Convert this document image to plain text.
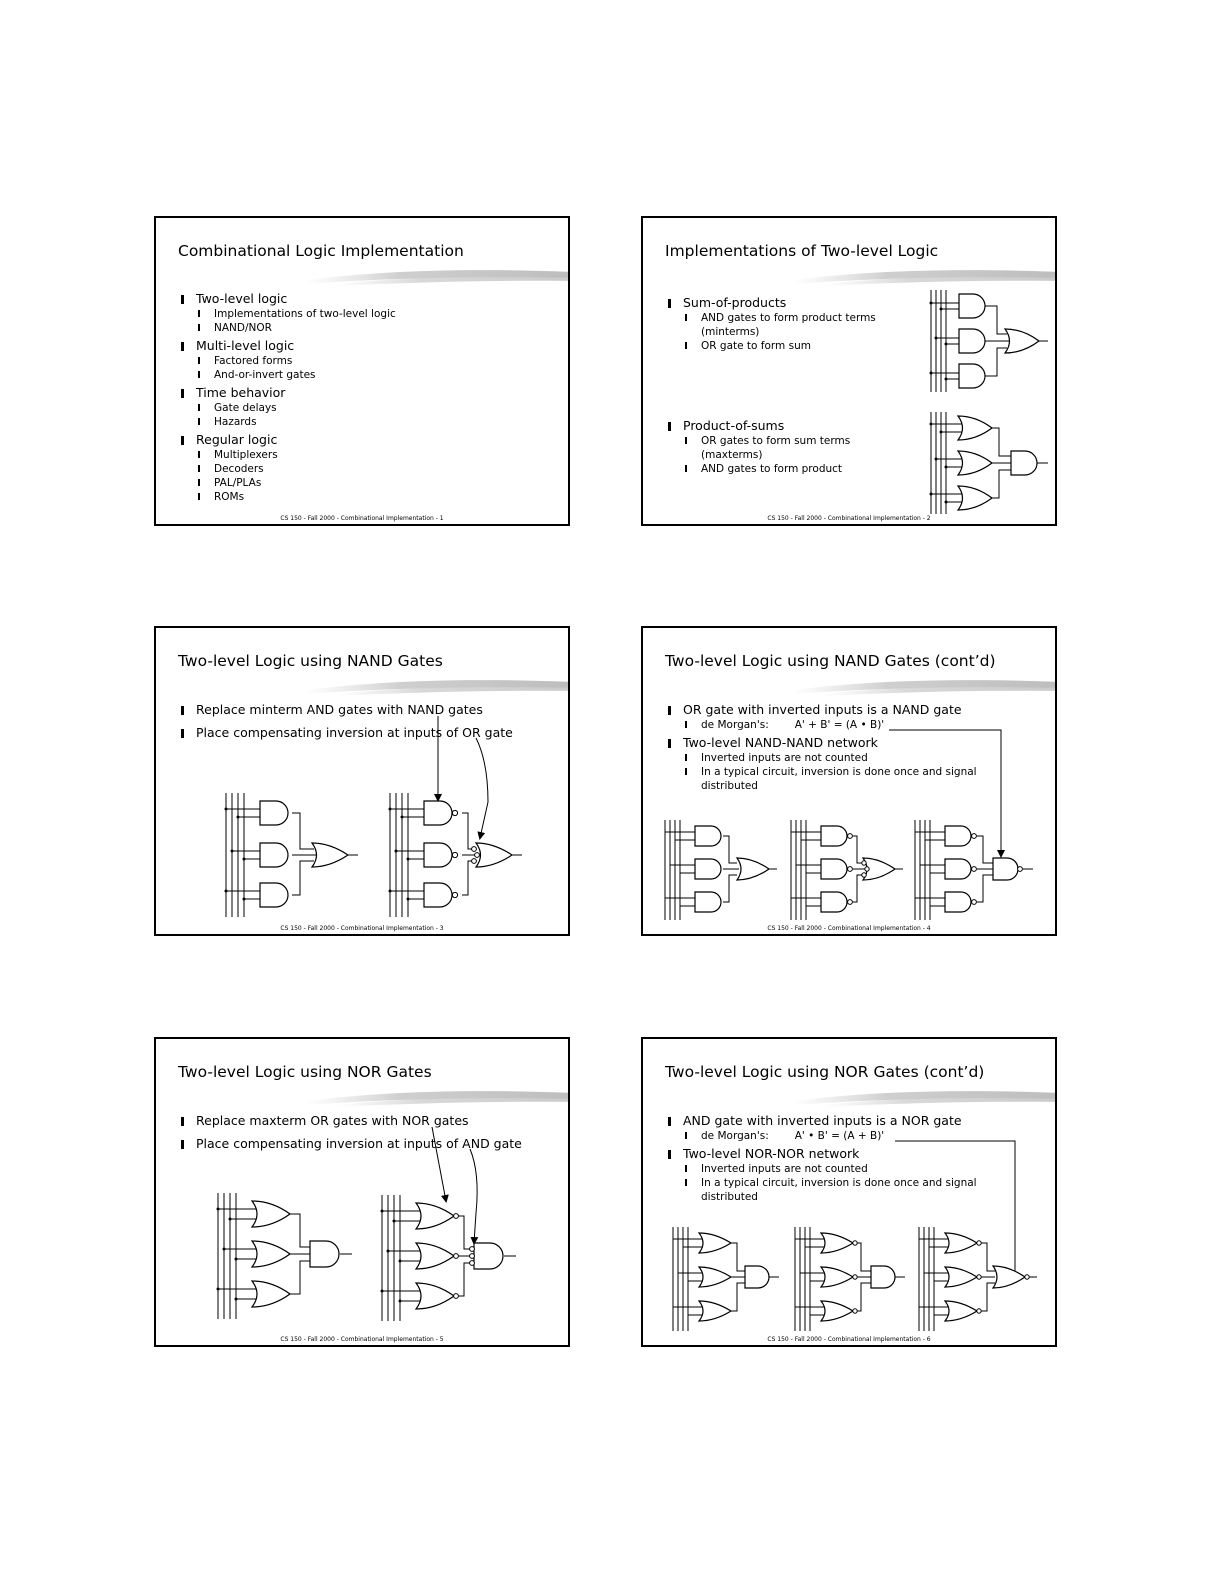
Combinational Logic Implementation
Two-level logic
Implementations of two-level logic
NAND/NOR
Multi-level logic
Factored forms
And-or-invert gates
Time behavior
Gate delays
Hazards
Regular logic
Multiplexers
Decoders
PAL/PLAs
ROMs
CS 150 - Fall 2000 - Combinational Implementation - 1
Implementations of Two-level Logic
Sum-of-products
AND gates to form product terms (minterms)
OR gate to form sum
Product-of-sums
OR gates to form sum terms (maxterms)
AND gates to form product
CS 150 - Fall 2000 - Combinational Implementation - 2
Two-level Logic using NAND Gates
Replace minterm AND gates with NAND gates
Place compensating inversion at inputs of OR gate
CS 150 - Fall 2000 - Combinational Implementation - 3
Two-level Logic using NAND Gates (cont’d)
OR gate with inverted inputs is a NAND gate
de Morgan's: A' + B' = (A • B)'
Two-level NAND-NAND network
Inverted inputs are not counted
In a typical circuit, inversion is done once and signal distributed
CS 150 - Fall 2000 - Combinational Implementation - 4
Two-level Logic using NOR Gates
Replace maxterm OR gates with NOR gates
Place compensating inversion at inputs of AND gate
CS 150 - Fall 2000 - Combinational Implementation - 5
Two-level Logic using NOR Gates (cont’d)
AND gate with inverted inputs is a NOR gate
de Morgan's: A' • B' = (A + B)'
Two-level NOR-NOR network
Inverted inputs are not counted
In a typical circuit, inversion is done once and signal distributed
CS 150 - Fall 2000 - Combinational Implementation - 6
